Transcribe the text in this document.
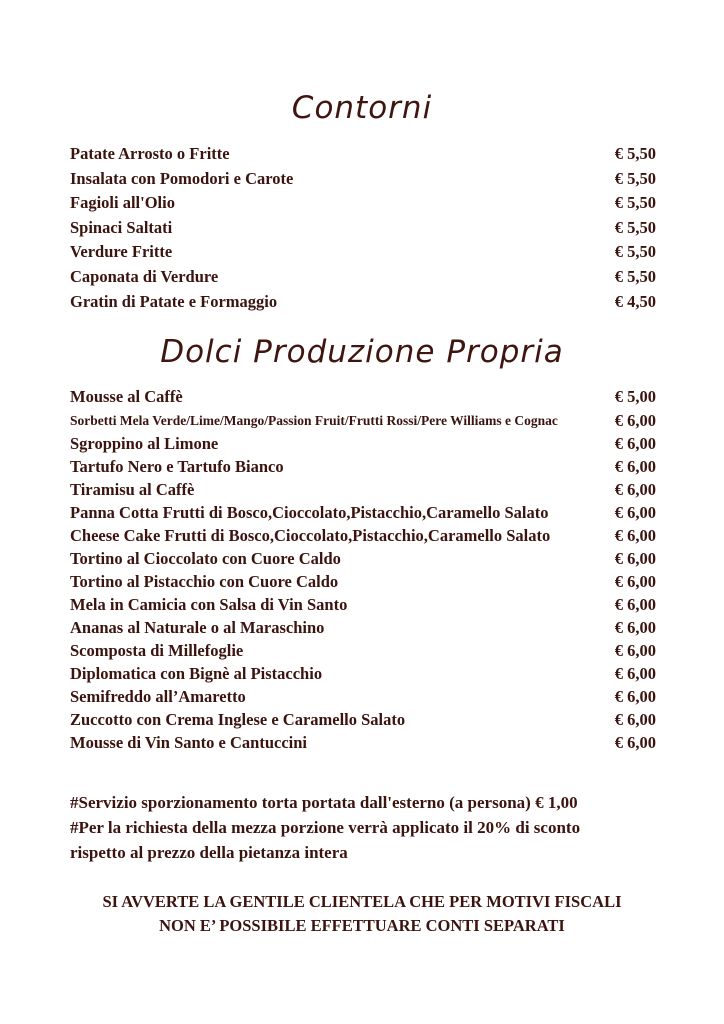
Contorni
Patate Arrosto o Fritte	€ 5,50
Insalata con Pomodori e Carote	€ 5,50
Fagioli all'Olio	€ 5,50
Spinaci Saltati	€ 5,50
Verdure Fritte	€ 5,50
Caponata di Verdure	€ 5,50
Gratin di Patate e Formaggio	€ 4,50
Dolci Produzione Propria
Mousse al Caffè	€ 5,00
Sorbetti Mela Verde/Lime/Mango/Passion Fruit/Frutti Rossi/Pere Williams e Cognac	€ 6,00
Sgroppino al Limone	€ 6,00
Tartufo Nero e Tartufo Bianco	€ 6,00
Tiramisu al Caffè	€ 6,00
Panna Cotta Frutti di Bosco,Cioccolato,Pistacchio,Caramello Salato	€ 6,00
Cheese Cake Frutti di Bosco,Cioccolato,Pistacchio,Caramello Salato	€ 6,00
Tortino al Cioccolato con Cuore Caldo	€ 6,00
Tortino al Pistacchio con Cuore Caldo	€ 6,00
Mela in Camicia con Salsa di Vin Santo	€ 6,00
Ananas al Naturale o al Maraschino	€ 6,00
Scomposta di Millefoglie	€ 6,00
Diplomatica con Bignè al Pistacchio	€ 6,00
Semifreddo all’Amaretto	€ 6,00
Zuccotto con Crema Inglese e Caramello Salato	€ 6,00
Mousse di Vin Santo e Cantuccini	€ 6,00
#Servizio sporzionamento torta portata dall'esterno (a persona) € 1,00
#Per la richiesta della mezza porzione verrà applicato il 20% di sconto
rispetto al prezzo della pietanza intera
SI AVVERTE LA GENTILE CLIENTELA CHE PER MOTIVI FISCALI
NON E’ POSSIBILE EFFETTUARE CONTI SEPARATI
